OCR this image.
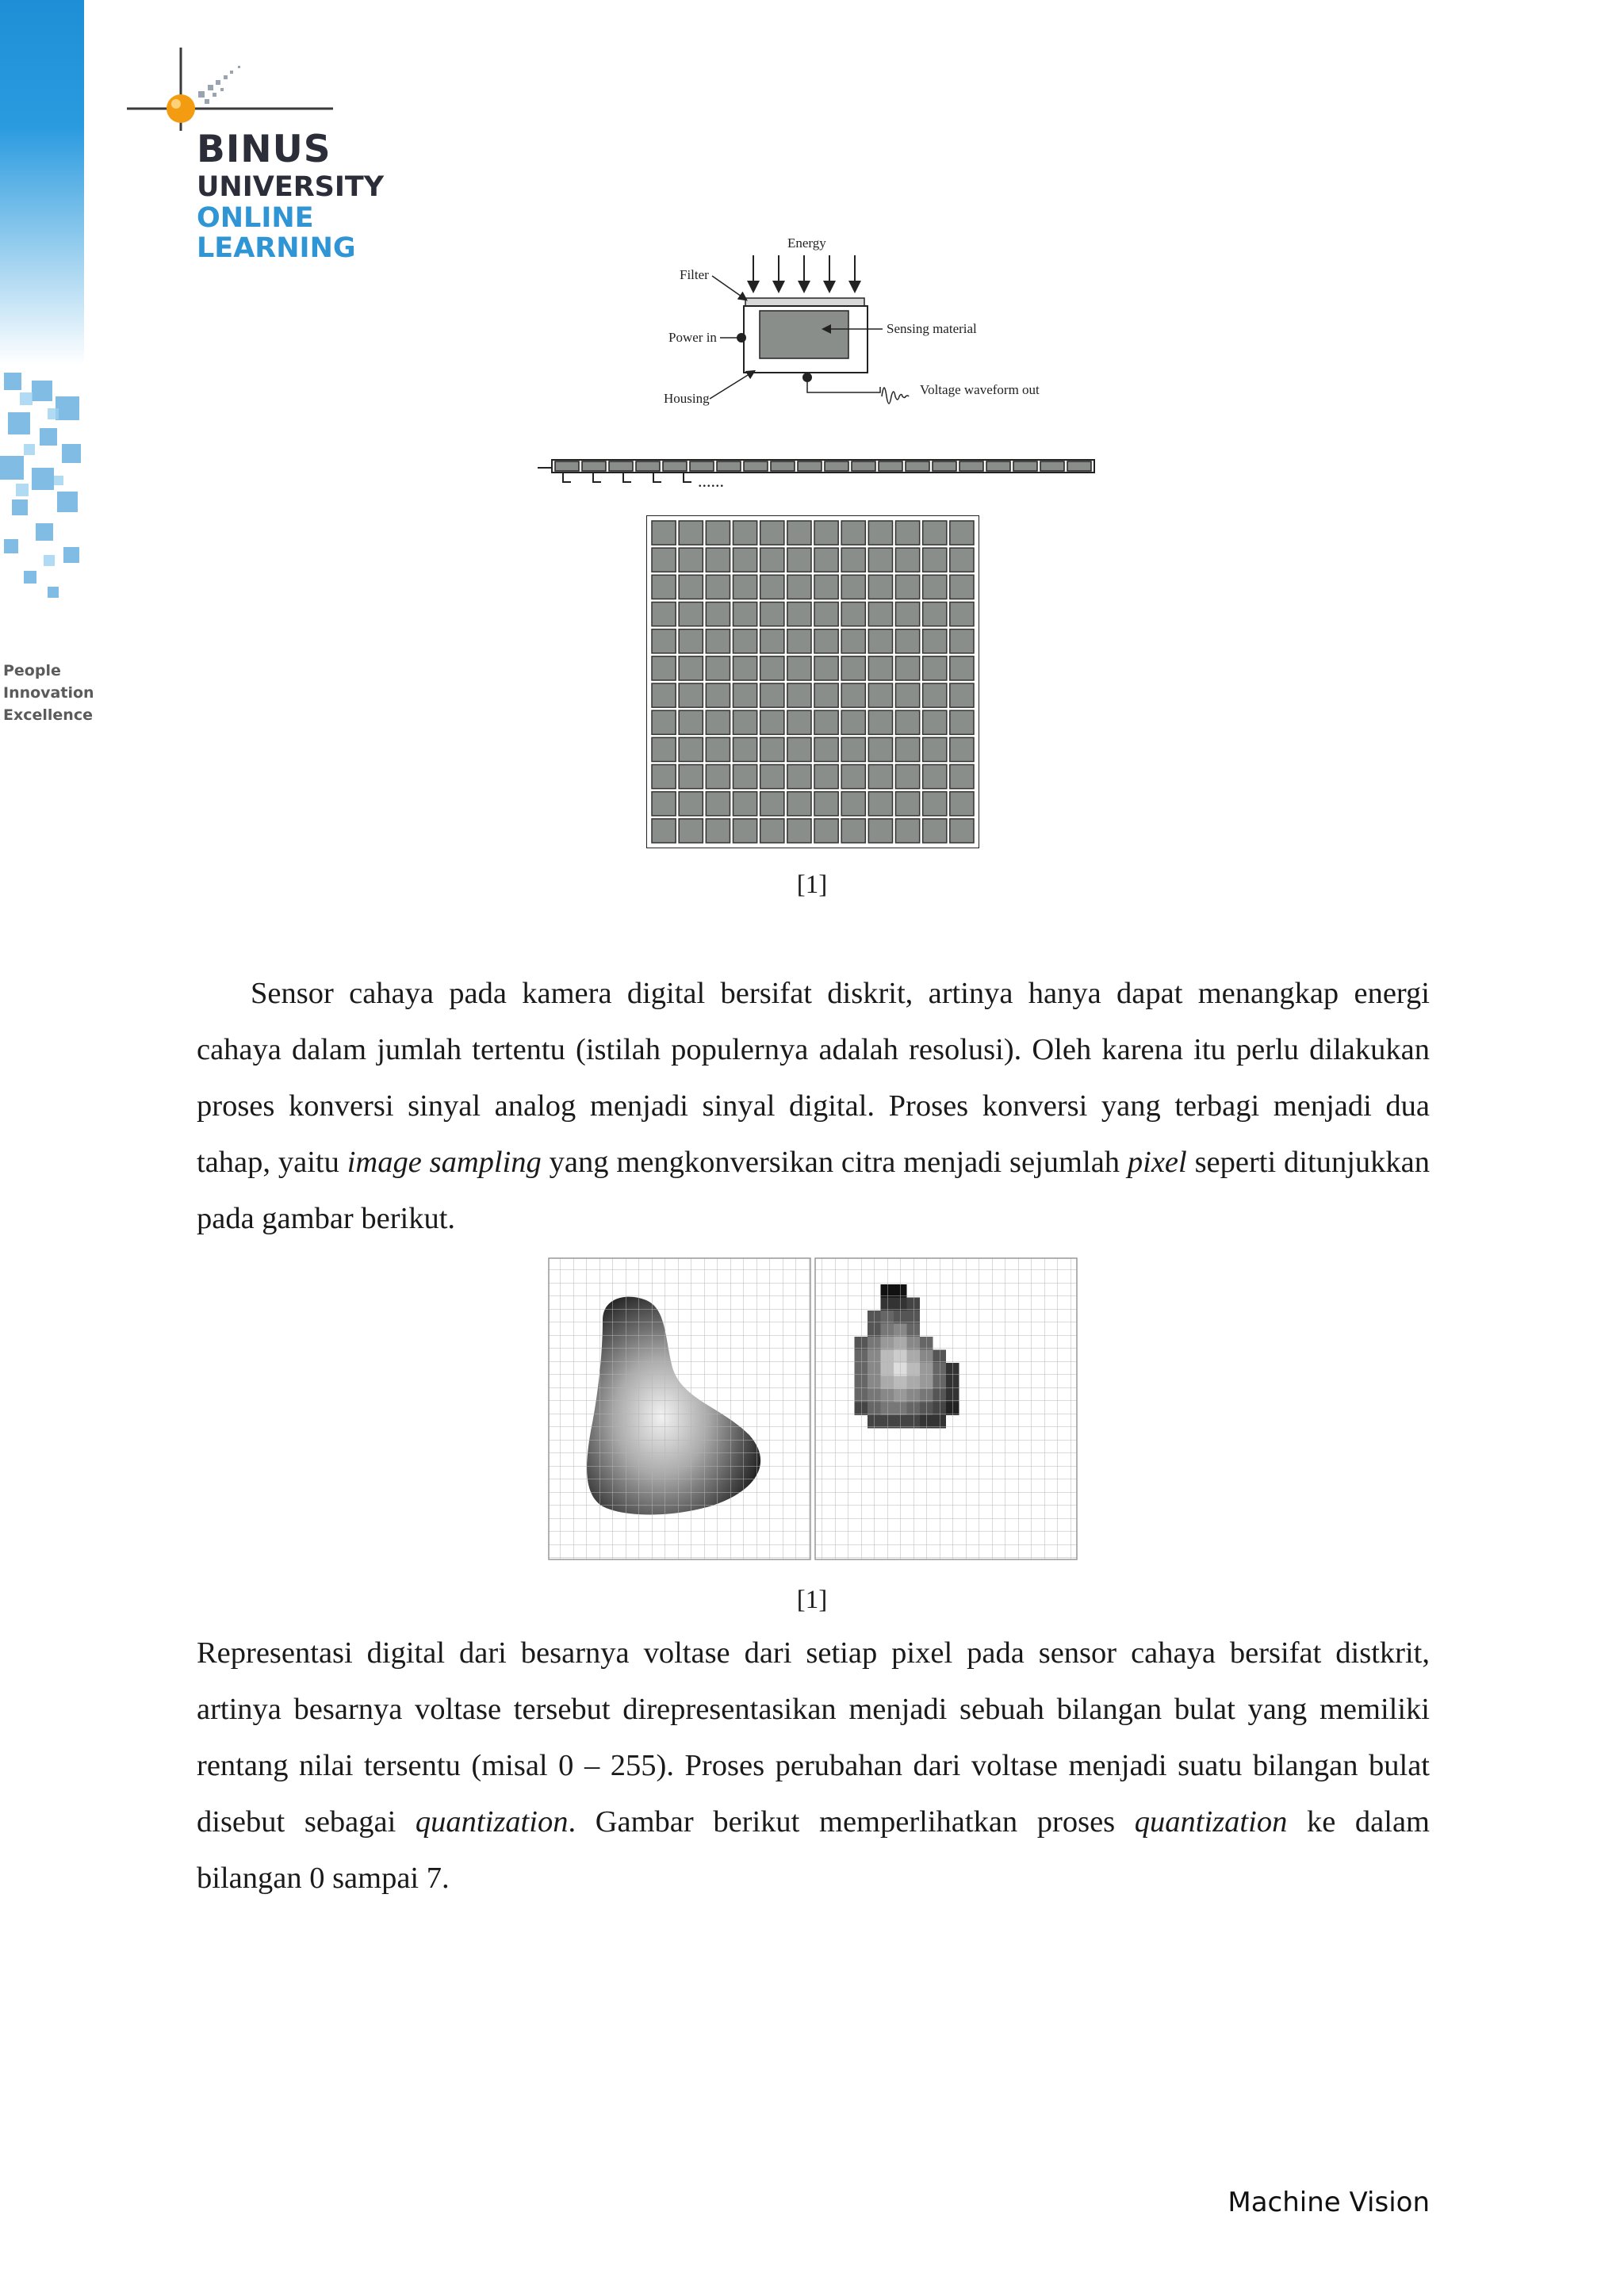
BINUS
UNIVERSITY
ONLINE
LEARNING
People
Innovation
Excellence
Energy
Filter
Power in
Sensing material
Housing
Voltage waveform out
......
[1]
Sensor cahaya pada kamera digital bersifat diskrit, artinya hanya dapat menangkap energi cahaya dalam jumlah tertentu (istilah populernya adalah resolusi). Oleh karena itu perlu dilakukan proses konversi sinyal analog menjadi sinyal digital. Proses konversi yang terbagi menjadi dua tahap, yaitu image sampling yang mengkonversikan citra menjadi sejumlah pixel seperti ditunjukkan pada gambar berikut.
[1]
Representasi digital dari besarnya voltase dari setiap pixel pada sensor cahaya bersifat distkrit, artinya besarnya voltase tersebut direpresentasikan menjadi sebuah bilangan bulat yang memiliki rentang nilai tersentu (misal 0 – 255). Proses perubahan dari voltase menjadi suatu bilangan bulat disebut sebagai quantization. Gambar berikut memperlihatkan proses quantization ke dalam bilangan 0 sampai 7.
Machine Vision
